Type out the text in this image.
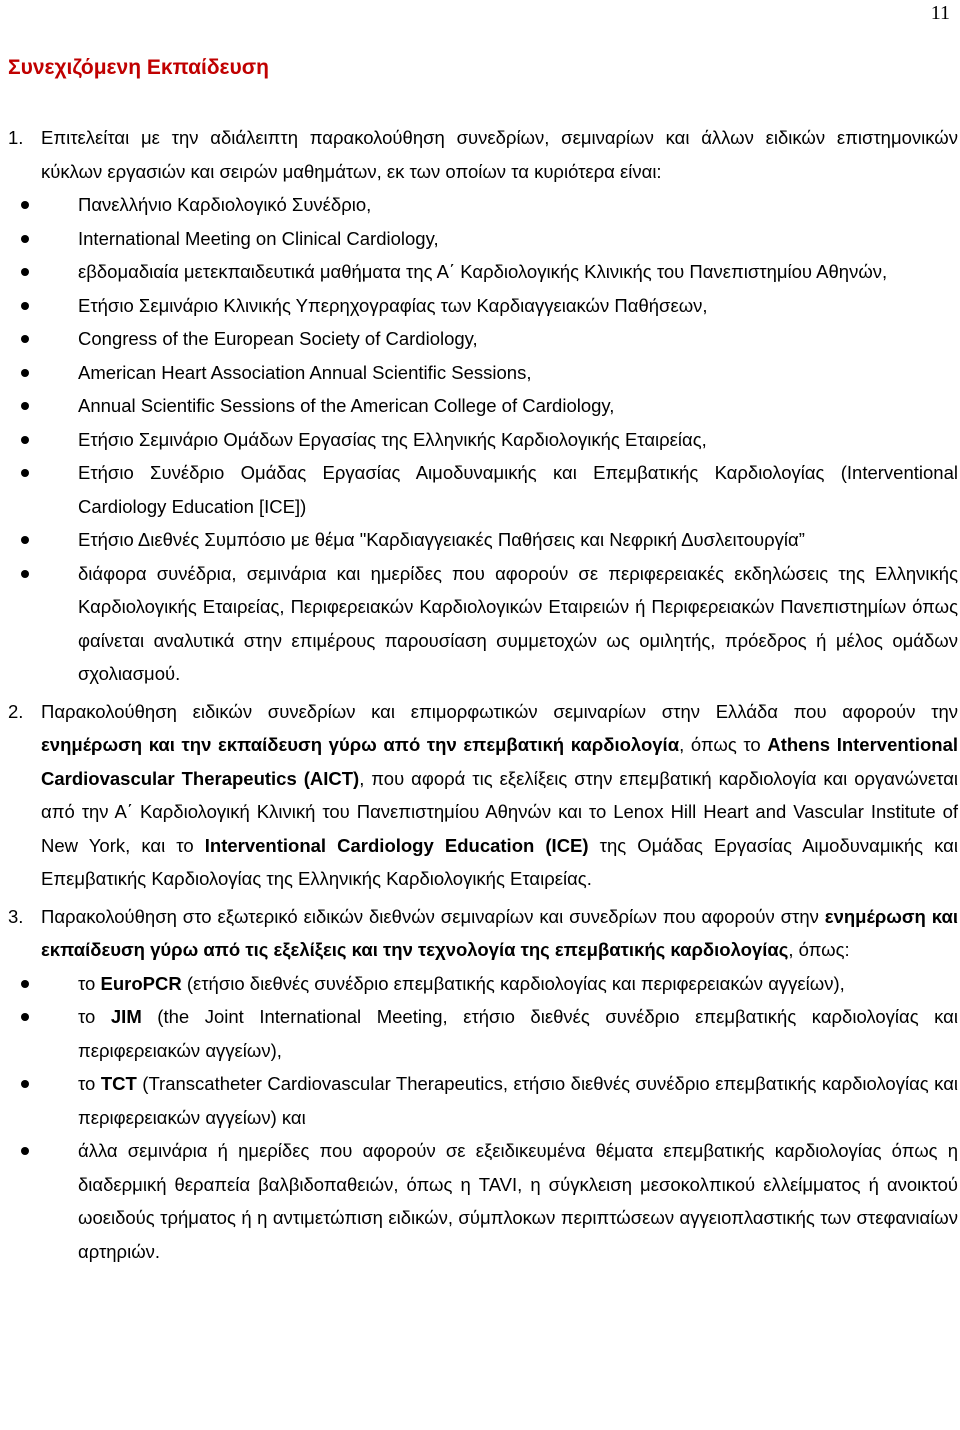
11
Συνεχιζόμενη Εκπαίδευση
1. Επιτελείται με την αδιάλειπτη παρακολούθηση συνεδρίων, σεμιναρίων και άλλων ειδικών επιστημονικών κύκλων εργασιών και σειρών μαθημάτων, εκ των οποίων τα κυριότερα είναι:
Πανελλήνιο Καρδιολογικό Συνέδριο,
International Meeting on Clinical Cardiology,
εβδομαδιαία μετεκπαιδευτικά μαθήματα της Α΄ Καρδιολογικής Κλινικής του Πανεπιστημίου Αθηνών,
Ετήσιο Σεμινάριο Κλινικής Υπερηχογραφίας των Καρδιαγγειακών Παθήσεων,
Congress of the European Society of Cardiology,
American Heart Association Annual Scientific Sessions,
Annual Scientific Sessions of the American College of Cardiology,
Ετήσιο Σεμινάριο Ομάδων Εργασίας της Ελληνικής Καρδιολογικής Εταιρείας,
Ετήσιο Συνέδριο Ομάδας Εργασίας Αιμοδυναμικής και Επεμβατικής Καρδιολογίας (Interventional Cardiology Education [ICE])
Ετήσιο Διεθνές Συμπόσιο με θέμα "Καρδιαγγειακές Παθήσεις και Νεφρική Δυσλειτουργία”
διάφορα συνέδρια, σεμινάρια και ημερίδες που αφορούν σε περιφερειακές εκδηλώσεις της Ελληνικής Καρδιολογικής Εταιρείας, Περιφερειακών Καρδιολογικών Εταιρειών ή Περιφερειακών Πανεπιστημίων όπως φαίνεται αναλυτικά στην επιμέρους παρουσίαση συμμετοχών ως ομιλητής, πρόεδρος ή μέλος ομάδων σχολιασμού.
2. Παρακολούθηση ειδικών συνεδρίων και επιμορφωτικών σεμιναρίων στην Ελλάδα που αφορούν την ενημέρωση και την εκπαίδευση γύρω από την επεμβατική καρδιολογία, όπως το Athens Interventional Cardiovascular Therapeutics (AICT), που αφορά τις εξελίξεις στην επεμβατική καρδιολογία και οργανώνεται από την Α΄ Καρδιολογική Κλινική του Πανεπιστημίου Αθηνών και το Lenox Hill Heart and Vascular Institute of New York, και το Interventional Cardiology Education (ICE) της Ομάδας Εργασίας Αιμοδυναμικής και Επεμβατικής Καρδιολογίας της Ελληνικής Καρδιολογικής Εταιρείας.
3. Παρακολούθηση στο εξωτερικό ειδικών διεθνών σεμιναρίων και συνεδρίων που αφορούν στην ενημέρωση και εκπαίδευση γύρω από τις εξελίξεις και την τεχνολογία της επεμβατικής καρδιολογίας, όπως:
το EuroPCR (ετήσιο διεθνές συνέδριο επεμβατικής καρδιολογίας και περιφερειακών αγγείων),
το JIM (the Joint International Meeting, ετήσιο διεθνές συνέδριο επεμβατικής καρδιολογίας και περιφερειακών αγγείων),
το TCT (Transcatheter Cardiovascular Therapeutics, ετήσιο διεθνές συνέδριο επεμβατικής καρδιολογίας και περιφερειακών αγγείων) και
άλλα σεμινάρια ή ημερίδες που αφορούν σε εξειδικευμένα θέματα επεμβατικής καρδιολογίας όπως η διαδερμική θεραπεία βαλβιδοπαθειών, όπως η TAVI, η σύγκλειση μεσοκολπικού ελλείμματος ή ανοικτού ωοειδούς τρήματος ή η αντιμετώπιση ειδικών, σύμπλοκων περιπτώσεων αγγειοπλαστικής των στεφανιαίων αρτηριών.
